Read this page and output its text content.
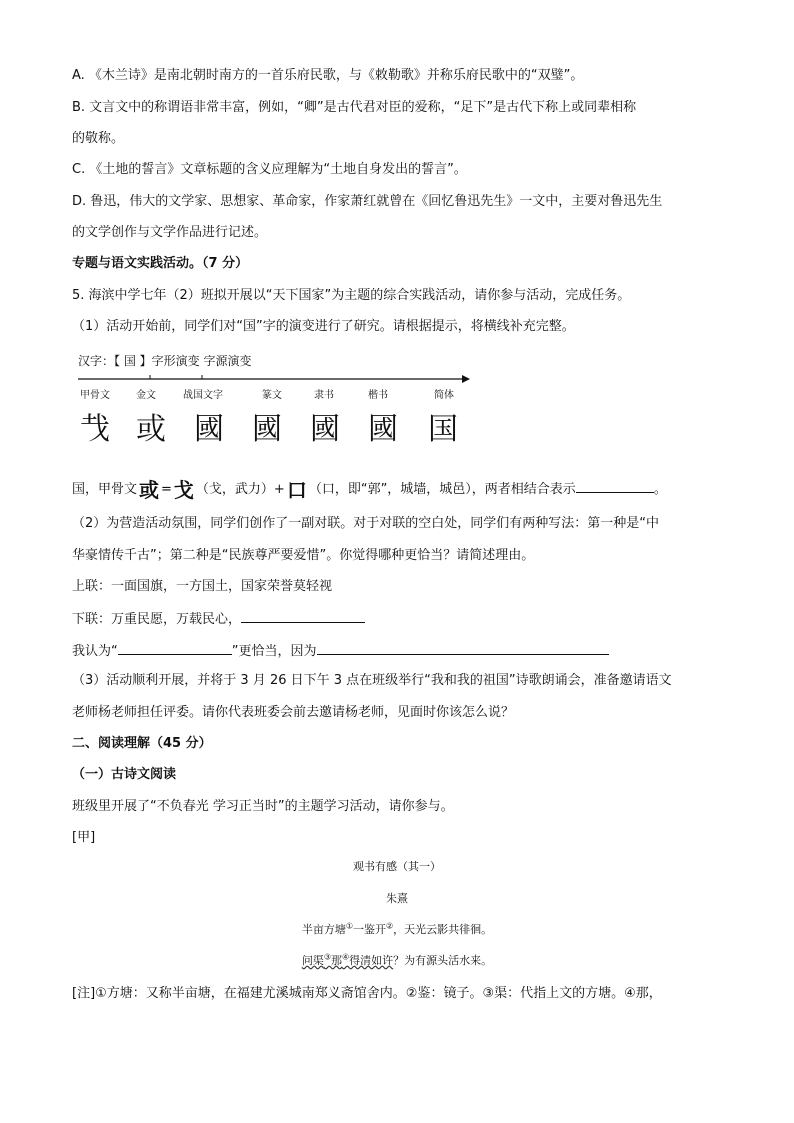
A. 《木兰诗》是南北朝时南方的一首乐府民歌，与《敕勒歌》并称乐府民歌中的“双璧”。
B. 文言文中的称谓语非常丰富，例如，“卿”是古代君对臣的爱称，“足下”是古代下称上或同辈相称
的敬称。
C. 《土地的誓言》文章标题的含义应理解为“土地自身发出的誓言”。
D. 鲁迅，伟大的文学家、思想家、革命家，作家萧红就曾在《回忆鲁迅先生》一文中，主要对鲁迅先生
的文学创作与文学作品进行记述。
专题与语文实践活动。（7 分）
5. 海滨中学七年（2）班拟开展以“天下国家”为主题的综合实践活动，请你参与活动，完成任务。
（1）活动开始前，同学们对“国”字的演变进行了研究。请根据提示，将横线补充完整。
汉字：【 国 】字形演变 字源演变
甲骨文	金文	战国文字	篆文	隶书	楷书	简体
𢦏 或 國 國 國 國 国
国，甲骨文 或 = 戈 （戈，武力）+ 口 （口，即“郭”，城墙，城邑），两者相结合表示	。
（2）为营造活动氛围，同学们创作了一副对联。对于对联的空白处，同学们有两种写法：第一种是“中
华豪情传千古”；第二种是“民族尊严要爱惜”。你觉得哪种更恰当？请简述理由。
上联：一面国旗，一方国土，国家荣誉莫轻视
下联：万重民愿，万载民心，
我认为“	”更恰当，因为
（3）活动顺利开展，并将于 3 月 26 日下午 3 点在班级举行“我和我的祖国”诗歌朗诵会，准备邀请语文
老师杨老师担任评委。请你代表班委会前去邀请杨老师，见面时你该怎么说？
二、阅读理解（45 分）
（一）古诗文阅读
班级里开展了“不负春光 学习正当时”的主题学习活动，请你参与。
[甲]
观书有感（其一）
朱熹
半亩方塘①一鉴开②，天光云影共徘徊。
问渠③那④得清如许？为有源头活水来。
[注]①方塘：又称半亩塘，在福建尤溪城南郑义斋馆舍内。②鉴：镜子。③渠：代指上文的方塘。④那，
